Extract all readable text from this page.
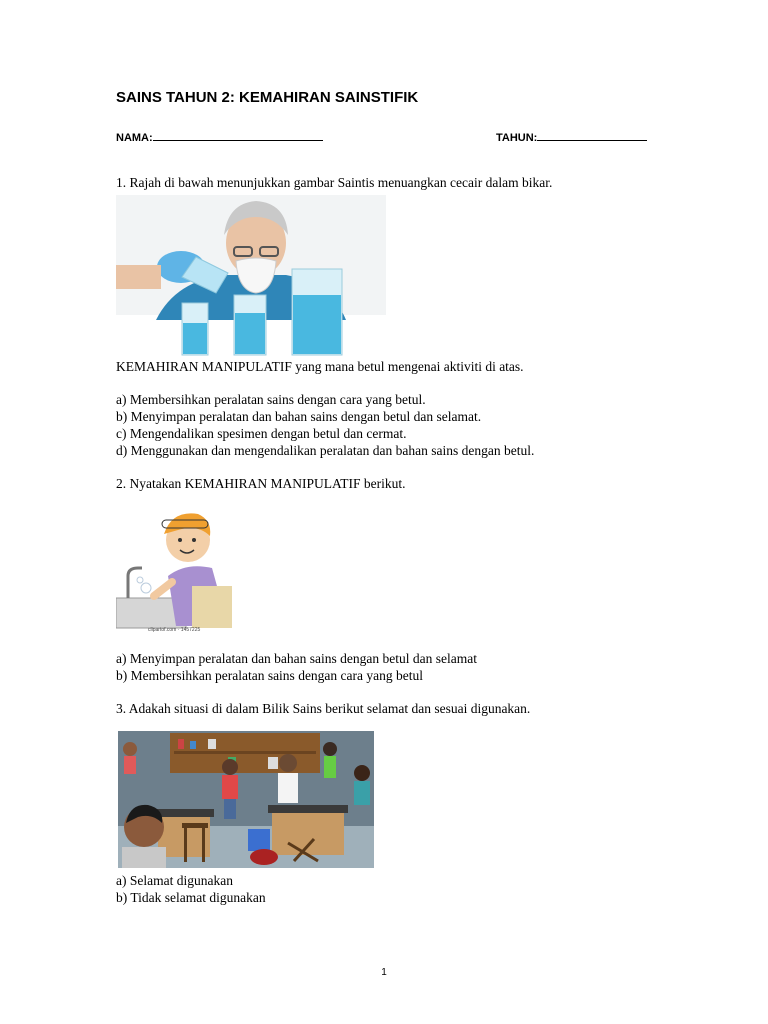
SAINS TAHUN 2: KEMAHIRAN SAINSTIFIK
NAMA:	TAHUN:

1. Rajah di bawah menunjukkan gambar Saintis menuangkan cecair dalam bikar.

KEMAHIRAN MANIPULATIF yang mana betul mengenai aktiviti di atas.

a) Membersihkan peralatan sains dengan cara yang betul.

b) Menyimpan peralatan dan bahan sains dengan betul dan selamat.

c) Mengendalikan spesimen dengan betul dan cermat.

d) Menggunakan dan mengendalikan peralatan dan bahan sains dengan betul.

2. Nyatakan KEMAHIRAN MANIPULATIF berikut.

clipartof.com · 1457225

a) Menyimpan peralatan dan bahan sains dengan betul dan selamat

b) Membersihkan peralatan sains dengan cara yang betul

3. Adakah situasi di dalam Bilik Sains berikut selamat dan sesuai digunakan.

a) Selamat digunakan

b) Tidak selamat digunakan

1
